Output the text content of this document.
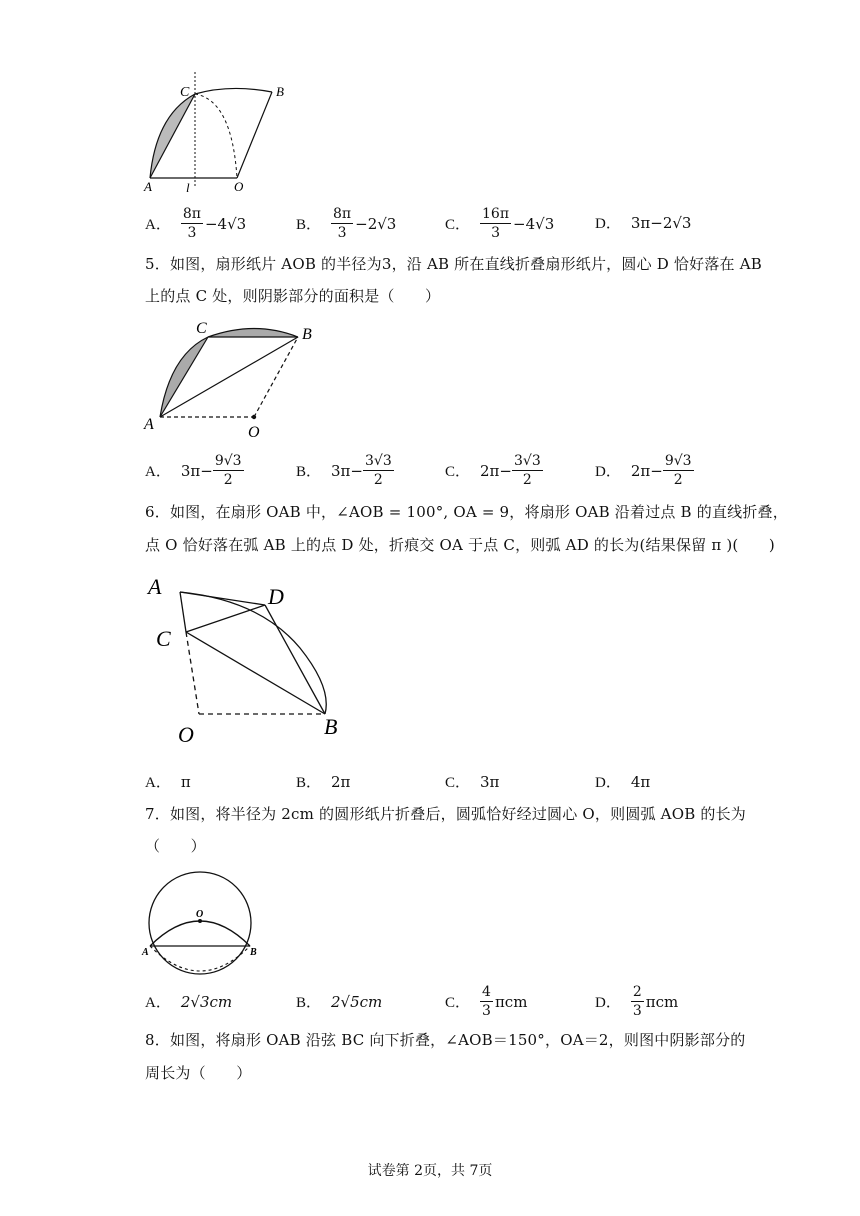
C	B
A	l	O
A． $\frac{8\pi}{3} -4√3$	B． $\frac{8\pi}{3} -2√3$	C． $\frac{16\pi}{3} -4√3$	D． 3π−2√3
5．如图，扇形纸片 AOB 的半径为3，沿 AB 所在直线折叠扇形纸片，圆心 D 恰好落在 AB
上的点 C 处，则阴影部分的面积是（　　）
C	B
A	O
A． $3\pi- \frac{9√3}{2}$	B． $3\pi- \frac{3√3}{2}$	C． $2\pi- \frac{3√3}{2}$	D． $2\pi- \frac{9√3}{2}$
6．如图，在扇形 OAB 中，∠AOB = 100°, OA = 9，将扇形 OAB 沿着过点 B 的直线折叠，
点 O 恰好落在弧 AB 上的点 D 处，折痕交 OA 于点 C，则弧 AD 的长为(结果保留 π )(　　)
A	D
C
O	B
A． π	B． 2π	C． 3π	D． 4π
7．如图，将半径为 2cm 的圆形纸片折叠后，圆弧恰好经过圆心 O，则圆弧 AOB 的长为
（　　）
O
A	B
A． 2√3cm	B． 2√5cm	C． $\frac{4}{3}$ πcm	D． $\frac{2}{3}$ πcm
8．如图，将扇形 OAB 沿弦 BC 向下折叠，∠AOB＝150°，OA＝2，则图中阴影部分的
周长为（　　）
试卷第 2页，共 7页
